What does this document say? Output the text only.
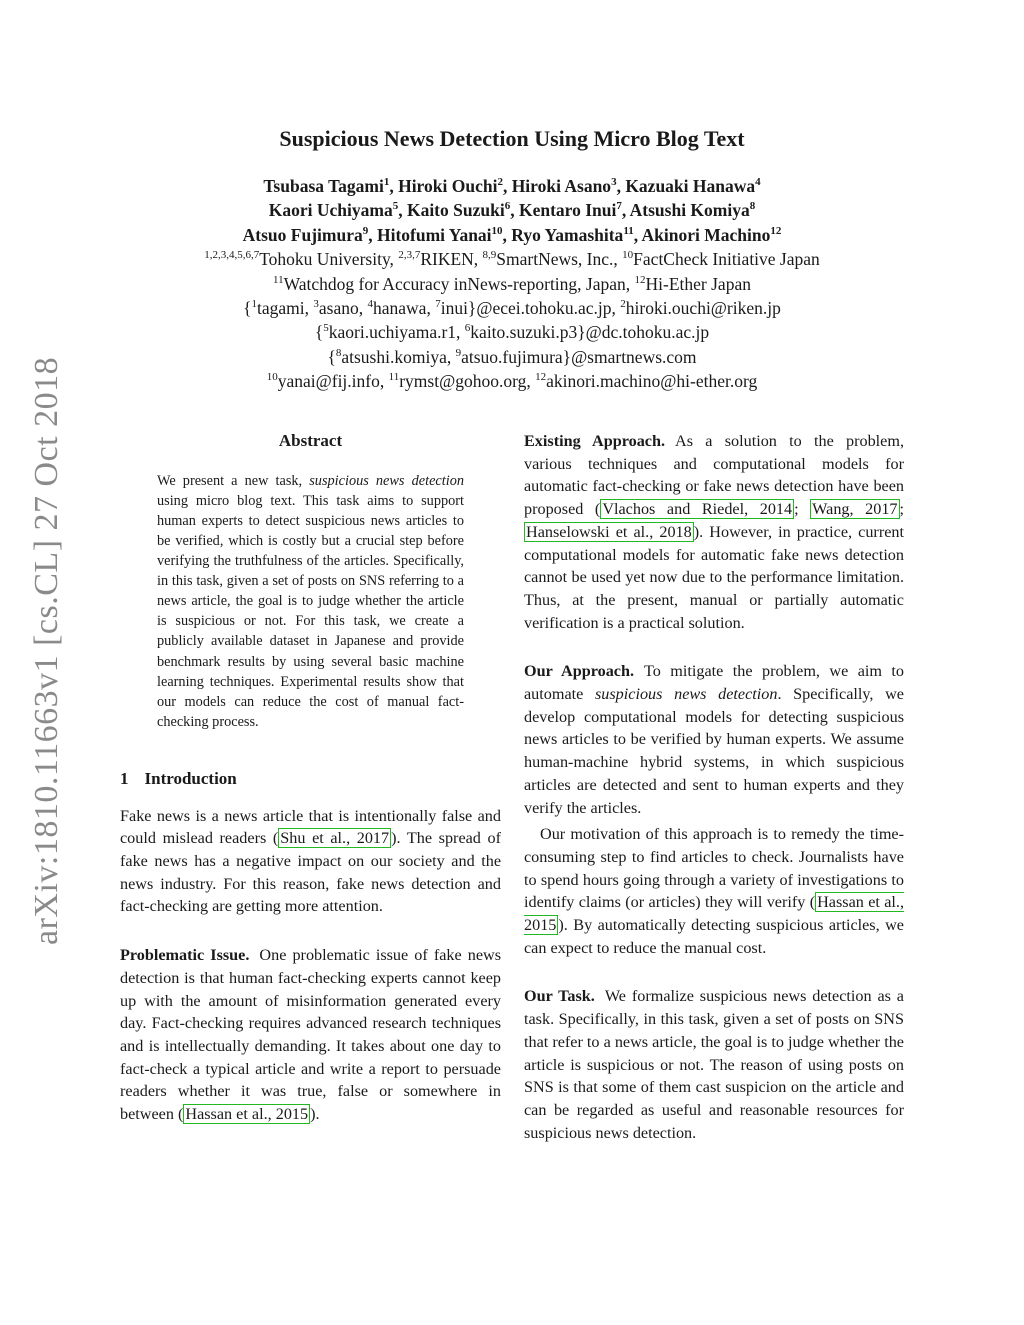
arXiv:1810.11663v1 [cs.CL] 27 Oct 2018
Suspicious News Detection Using Micro Blog Text
Tsubasa Tagami$^1$, Hiroki Ouchi$^2$, Hiroki Asano$^3$, Kazuaki Hanawa$^4$
Kaori Uchiyama$^5$, Kaito Suzuki$^6$, Kentaro Inui$^7$, Atsushi Komiya$^8$
Atsuo Fujimura$^9$, Hitofumi Yanai$^{10}$, Ryo Yamashita$^{11}$, Akinori Machino$^{12}$
$^{1,2,3,4,5,6,7}$Tohoku University, $^{2,3,7}$RIKEN, $^{8,9}$SmartNews, Inc., $^{10}$FactCheck Initiative Japan
$^{11}$Watchdog for Accuracy inNews-reporting, Japan, $^{12}$Hi-Ether Japan
{$^1$tagami, $^3$asano, $^4$hanawa, $^7$inui}@ecei.tohoku.ac.jp, $^2$hiroki.ouchi@riken.jp
{$^5$kaori.uchiyama.r1, $^6$kaito.suzuki.p3}@dc.tohoku.ac.jp
{$^8$atsushi.komiya, $^9$atsuo.fujimura}@smartnews.com
$^{10}$yanai@fij.info, $^{11}$rymst@gohoo.org, $^{12}$akinori.machino@hi-ether.org
Abstract

We present a new task, suspicious news detection using micro blog text. This task aims to support human experts to detect suspicious news articles to be verified, which is costly but a crucial step before verifying the truthfulness of the articles. Specifically, in this task, given a set of posts on SNS referring to a news article, the goal is to judge whether the article is suspicious or not. For this task, we create a publicly available dataset in Japanese and provide benchmark results by using several basic machine learning techniques. Experimental results show that our models can reduce the cost of manual fact-checking process.

1 Introduction

Fake news is a news article that is intentionally false and could mislead readers ( Shu et al., 2017 ). The spread of fake news has a negative impact on our society and the news industry. For this reason, fake news detection and fact-checking are getting more attention.

Problematic Issue. One problematic issue of fake news detection is that human fact-checking experts cannot keep up with the amount of misinformation generated every day. Fact-checking requires advanced research techniques and is intellectually demanding. It takes about one day to fact-check a typical article and write a report to persuade readers whether it was true, false or somewhere in between ( Hassan et al., 2015 ).

Existing Approach. As a solution to the problem, various techniques and computational models for automatic fact-checking or fake news detection have been proposed ( Vlachos and Riedel, 2014 ; Wang, 2017 ; Hanselowski et al., 2018 ). However, in practice, current computational models for automatic fake news detection cannot be used yet now due to the performance limitation. Thus, at the present, manual or partially automatic verification is a practical solution.

Our Approach. To mitigate the problem, we aim to automate suspicious news detection. Specifically, we develop computational models for detecting suspicious news articles to be verified by human experts. We assume human-machine hybrid systems, in which suspicious articles are detected and sent to human experts and they verify the articles.

Our motivation of this approach is to remedy the time-consuming step to find articles to check. Journalists have to spend hours going through a variety of investigations to identify claims (or articles) they will verify ( Hassan et al., 2015 ). By automatically detecting suspicious articles, we can expect to reduce the manual cost.

Our Task. We formalize suspicious news detection as a task. Specifically, in this task, given a set of posts on SNS that refer to a news article, the goal is to judge whether the article is suspicious or not. The reason of using posts on SNS is that some of them cast suspicion on the article and can be regarded as useful and reasonable resources for suspicious news detection.
